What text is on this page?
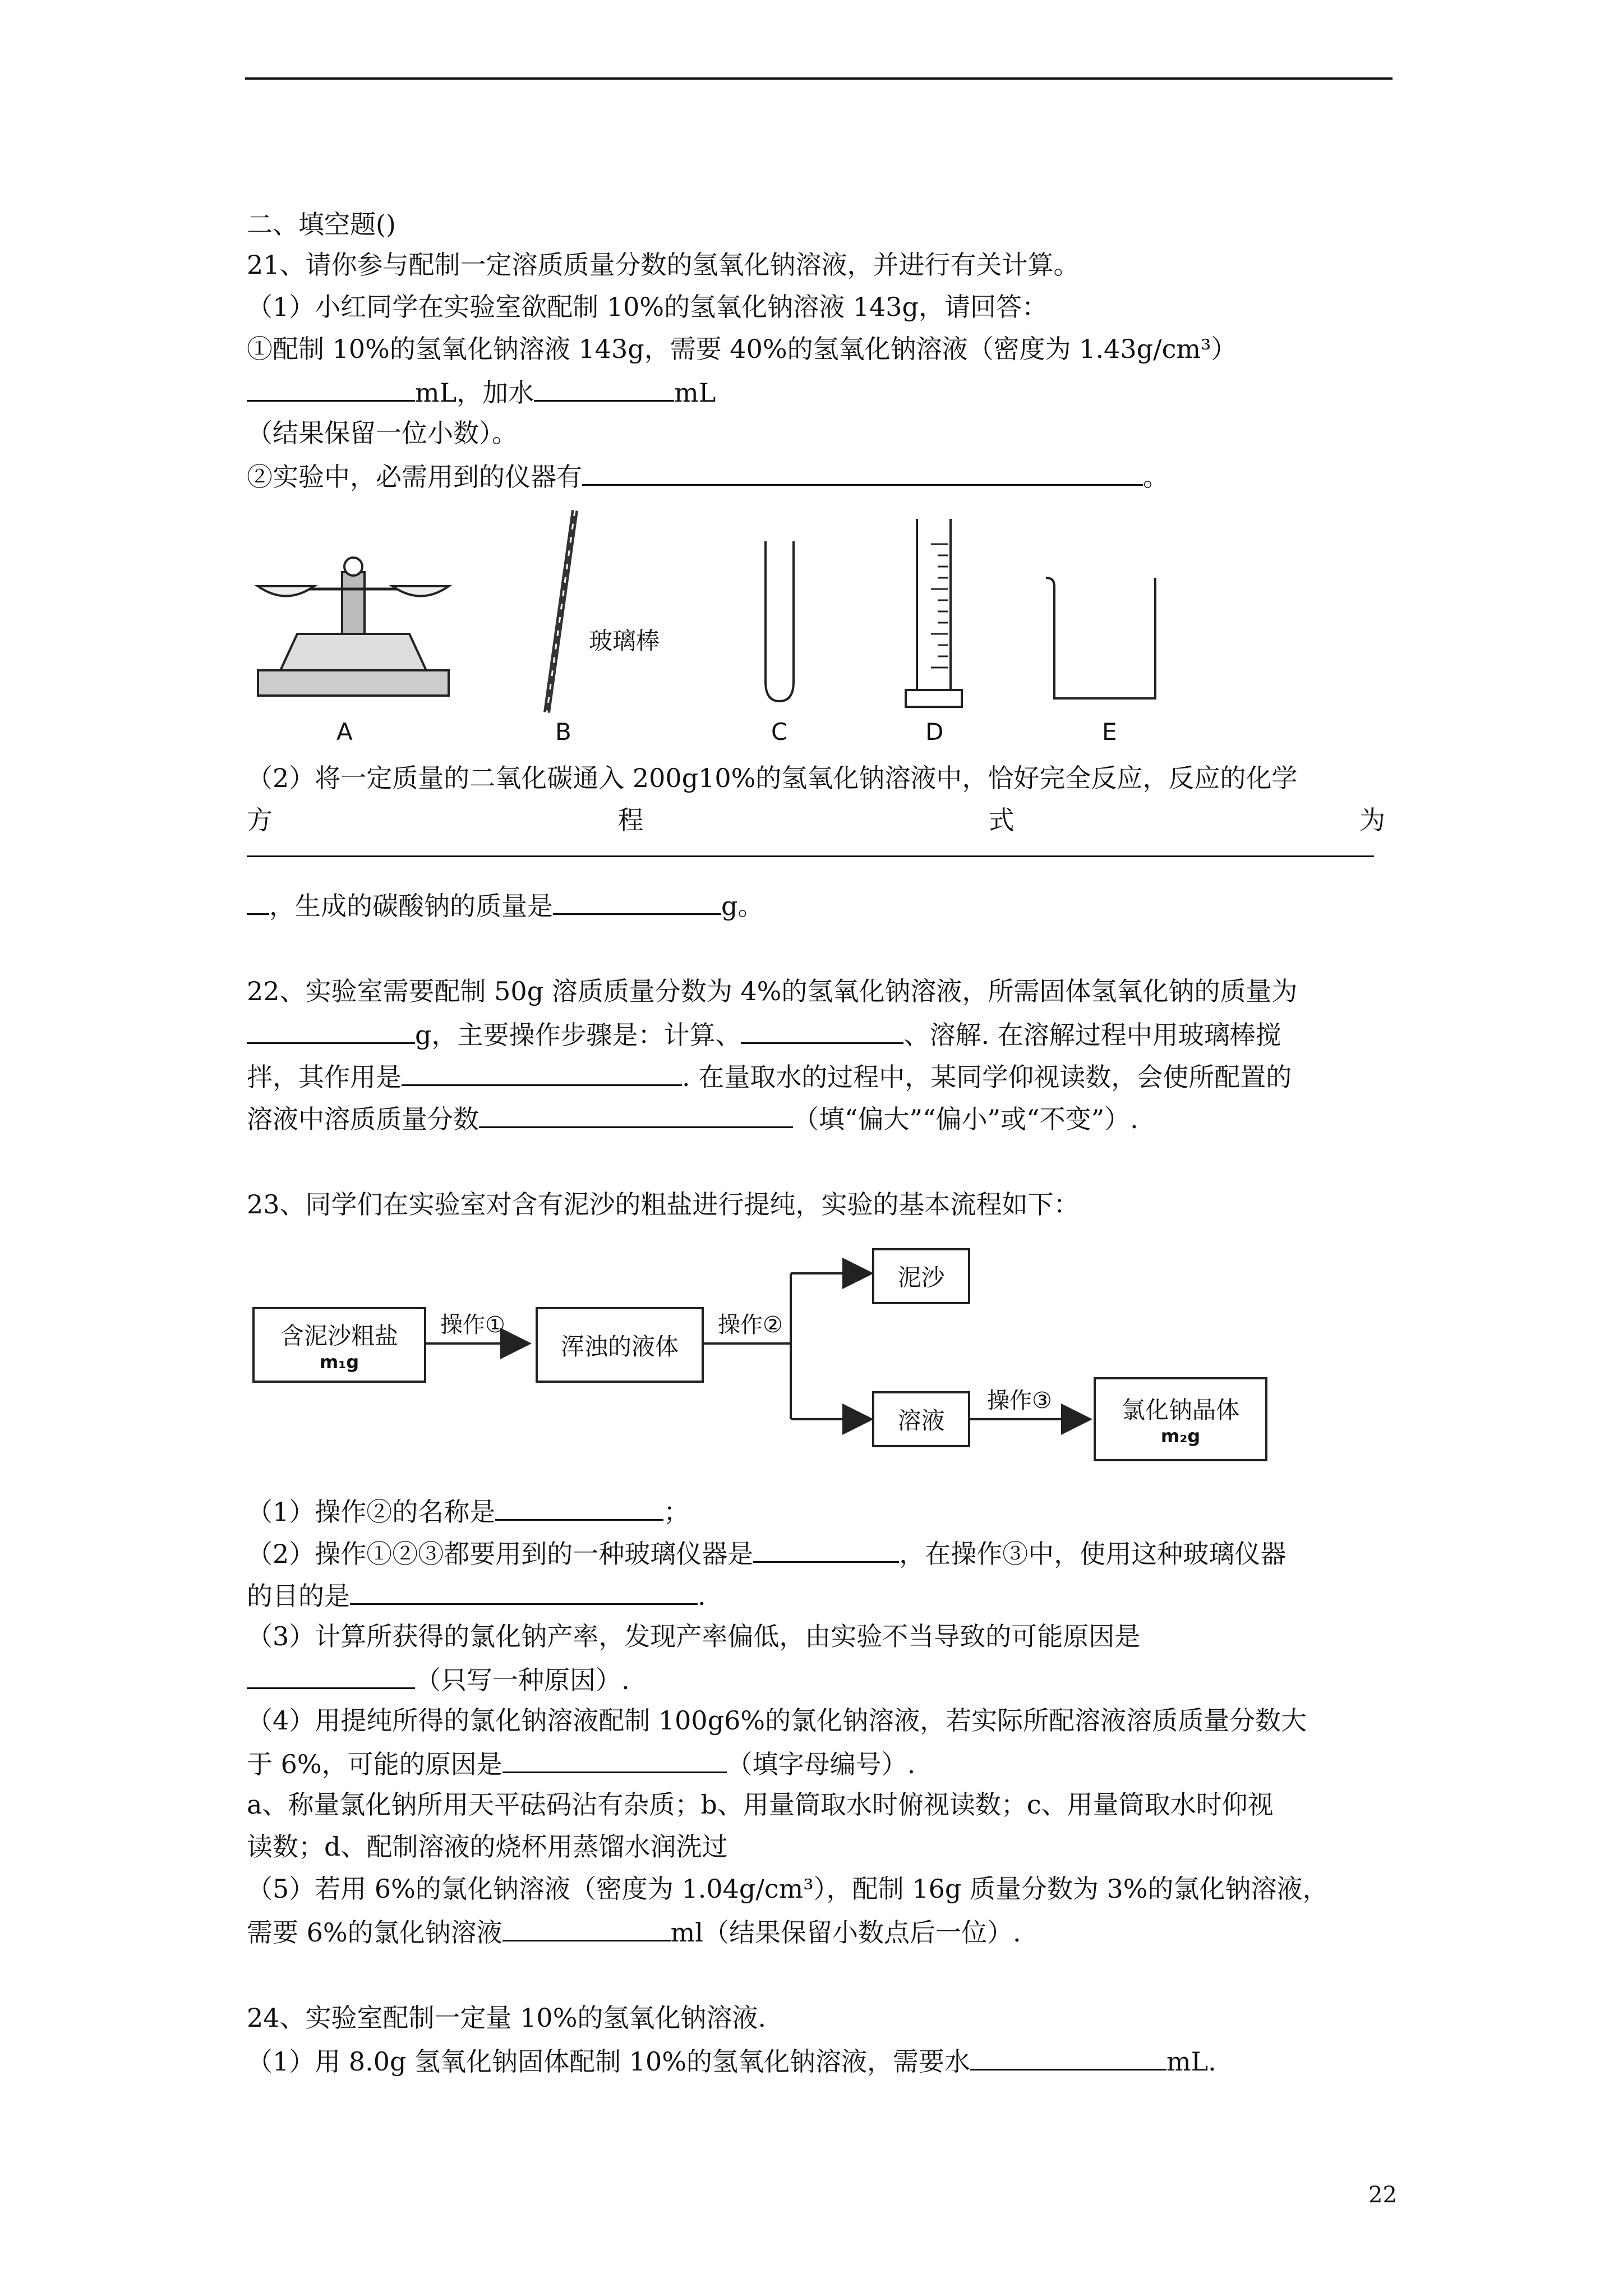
二、填空题()
21、请你参与配制一定溶质质量分数的氢氧化钠溶液，并进行有关计算。
（1）小红同学在实验室欲配制 10%的氢氧化钠溶液 143g，请回答：
①配制 10%的氢氧化钠溶液 143g，需要 40%的氢氧化钠溶液（密度为 1.43g/cm³）
mL，加水	mL
（结果保留一位小数）。
②实验中，必需用到的仪器有	。
A
玻璃棒
B	C	D	E
（2）将一定质量的二氧化碳通入 200g10%的氢氧化钠溶液中，恰好完全反应，反应的化学
方	程	式	为
，生成的碳酸钠的质量是	g。
22、实验室需要配制 50g 溶质质量分数为 4%的氢氧化钠溶液，所需固体氢氧化钠的质量为
g，主要操作步骤是：计算、	、溶解. 在溶解过程中用玻璃棒搅
拌，其作用是	. 在量取水的过程中，某同学仰视读数，会使所配置的
溶液中溶质质量分数	（填“偏大”“偏小”或“不变”）.
23、同学们在实验室对含有泥沙的粗盐进行提纯，实验的基本流程如下：
含泥沙粗盐
m₁g
操作①
浑浊的液体
操作②
泥沙
溶液
操作③	氯化钠晶体
m₂g
（1）操作②的名称是	；
（2）操作①②③都要用到的一种玻璃仪器是	，在操作③中，使用这种玻璃仪器
的目的是	.
（3）计算所获得的氯化钠产率，发现产率偏低，由实验不当导致的可能原因是
（只写一种原因）.
（4）用提纯所得的氯化钠溶液配制 100g6%的氯化钠溶液，若实际所配溶液溶质质量分数大
于 6%，可能的原因是	（填字母编号）.
a、称量氯化钠所用天平砝码沾有杂质；b、用量筒取水时俯视读数；c、用量筒取水时仰视
读数；d、配制溶液的烧杯用蒸馏水润洗过
（5）若用 6%的氯化钠溶液（密度为 1.04g/cm³），配制 16g 质量分数为 3%的氯化钠溶液，
需要 6%的氯化钠溶液	ml（结果保留小数点后一位）.
24、实验室配制一定量 10%的氢氧化钠溶液.
（1）用 8.0g 氢氧化钠固体配制 10%的氢氧化钠溶液，需要水	mL.
22
